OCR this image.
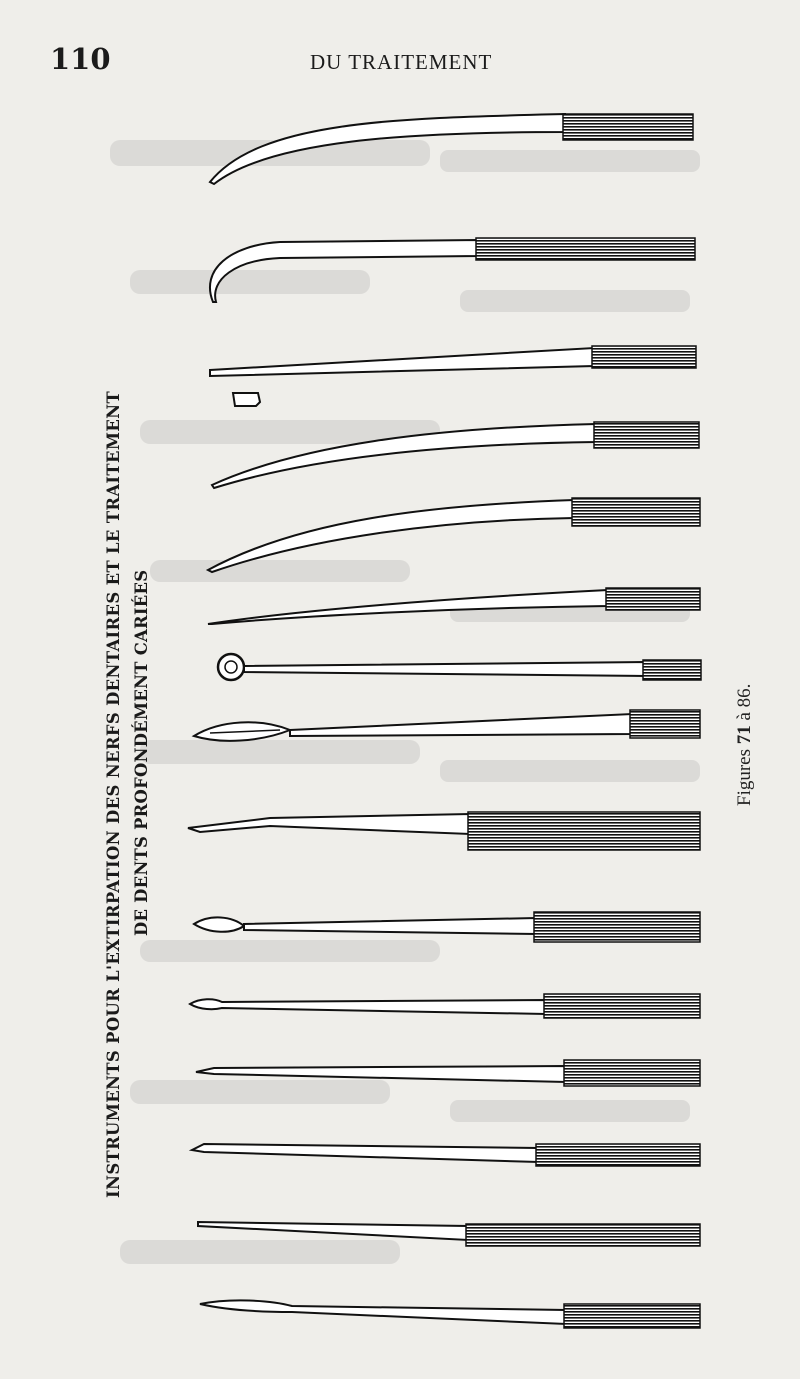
110	DU TRAITEMENT
INSTRUMENTS POUR L'EXTIRPATION DES NERFS DENTAIRES ET LE TRAITEMENT DE DENTS PROFONDÉMENT CARIÉES	Figures 71 à 86.
